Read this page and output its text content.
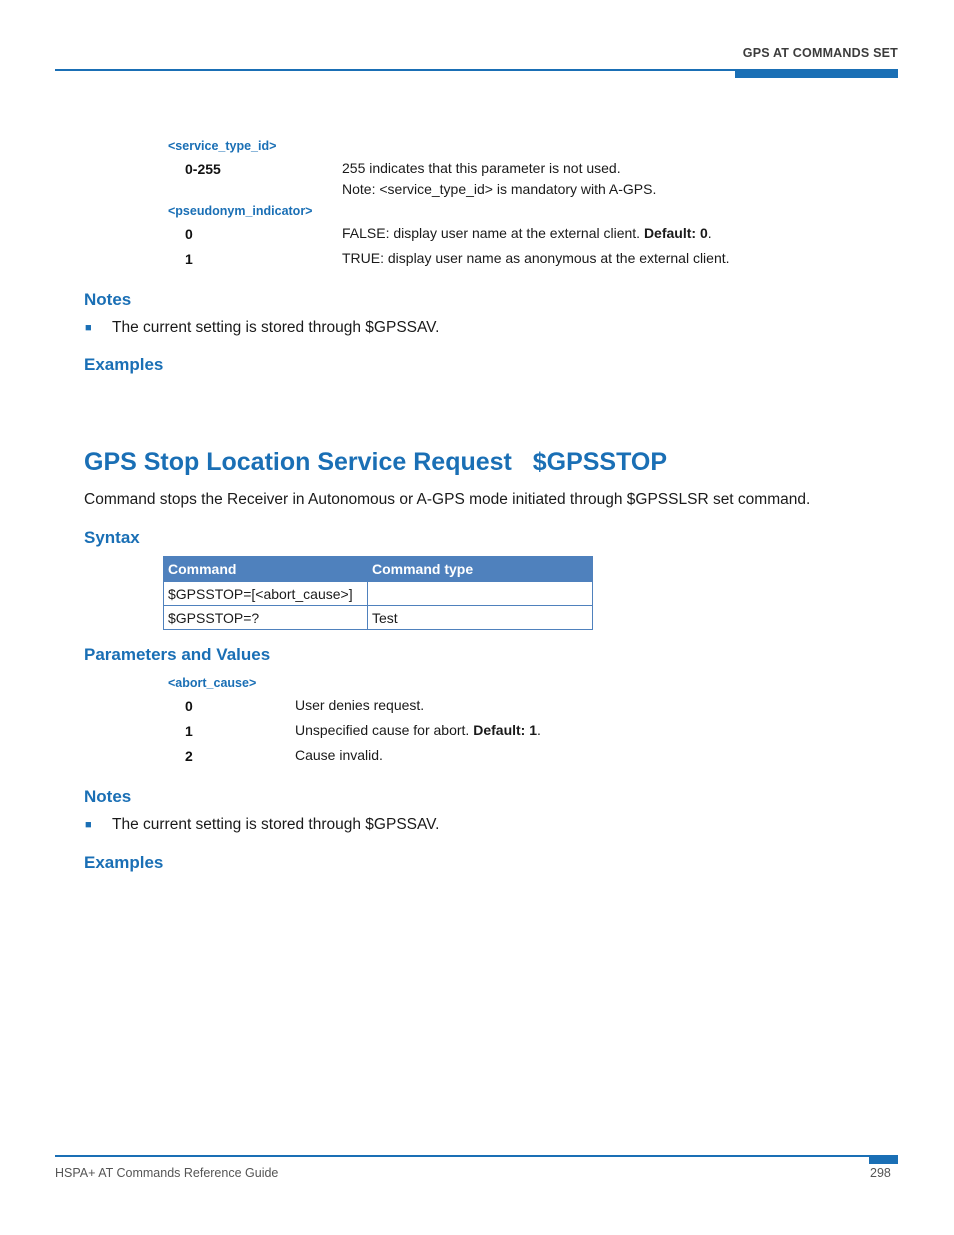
GPS AT COMMANDS SET
<service_type_id>
0-255	255 indicates that this parameter is not used.
Note: <service_type_id> is mandatory with A-GPS.
<pseudonym_indicator>
0	FALSE: display user name at the external client. Default: 0.
1	TRUE: display user name as anonymous at the external client.
Notes
■ The current setting is stored through $GPSSAV.
Examples
GPS Stop Location Service Request   $GPSSTOP
Command stops the Receiver in Autonomous or A-GPS mode initiated through $GPSSLSR set command.
Syntax
Command	Command type
$GPSSTOP=[<abort_cause>]	
$GPSSTOP=?	Test
Parameters and Values
<abort_cause>
0	User denies request.
1	Unspecified cause for abort. Default: 1.
2	Cause invalid.
Notes
■ The current setting is stored through $GPSSAV.
Examples
HSPA+ AT Commands Reference Guide	298
